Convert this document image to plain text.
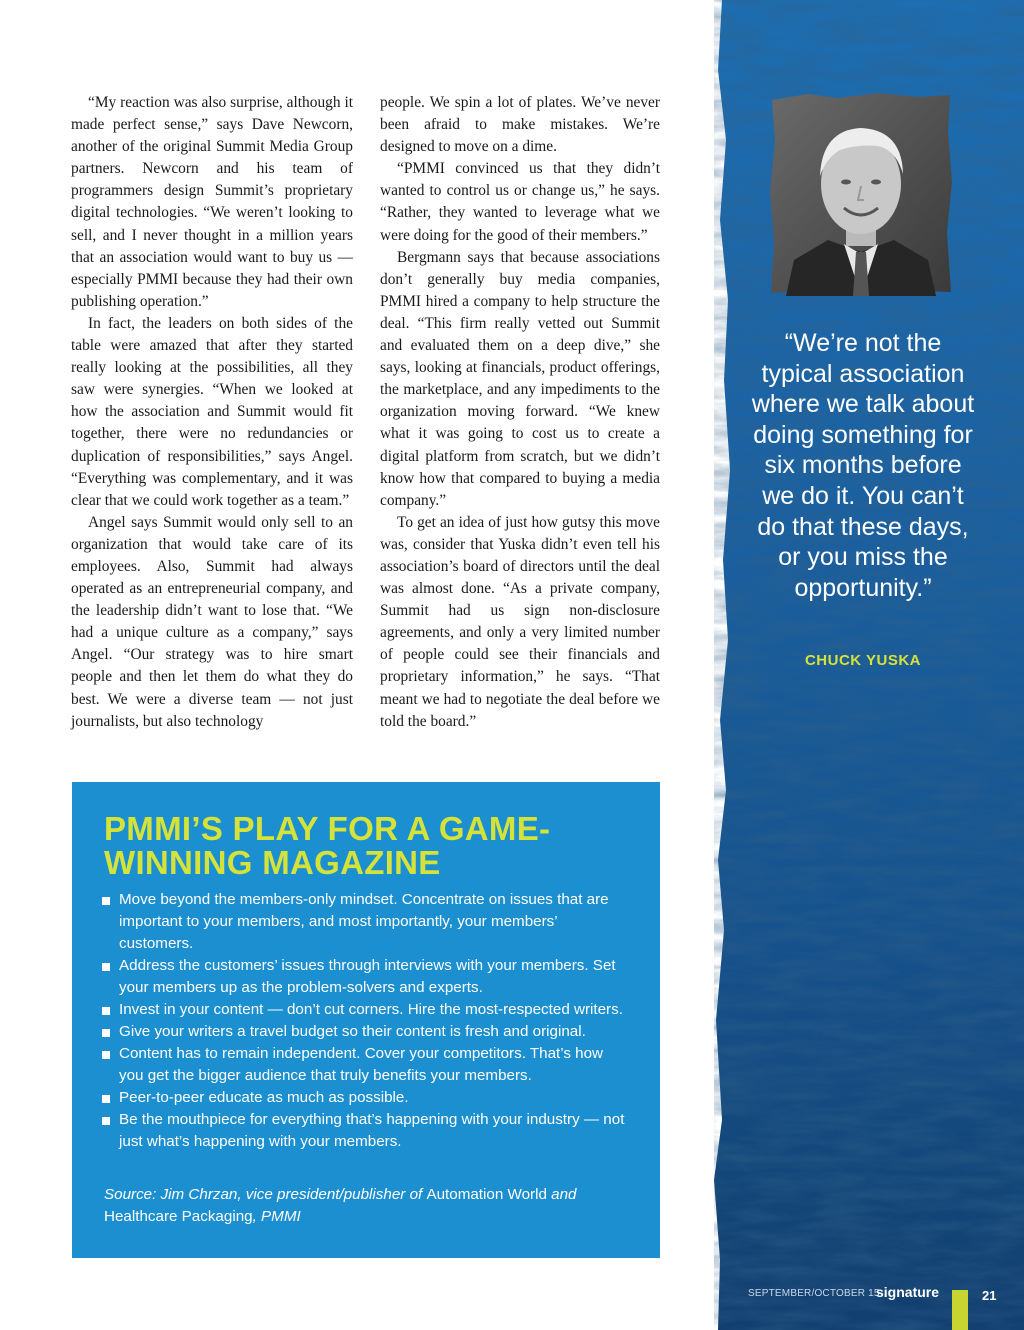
“My reaction was also surprise, although it made perfect sense,” says Dave Newcorn, another of the original Summit Media Group partners. Newcorn and his team of programmers design Summit’s proprietary digital technologies. “We weren’t looking to sell, and I never thought in a million years that an association would want to buy us — especially PMMI because they had their own publishing operation.”

In fact, the leaders on both sides of the table were amazed that after they started really looking at the possibilities, all they saw were synergies. “When we looked at how the association and Summit would fit together, there were no redundancies or duplication of responsibilities,” says Angel. “Everything was complementary, and it was clear that we could work together as a team.”

Angel says Summit would only sell to an organization that would take care of its employees. Also, Summit had always operated as an entrepreneurial company, and the leadership didn’t want to lose that. “We had a unique culture as a company,” says Angel. “Our strategy was to hire smart people and then let them do what they do best. We were a diverse team — not just journalists, but also technology

people. We spin a lot of plates. We’ve never been afraid to make mistakes. We’re designed to move on a dime.

“PMMI convinced us that they didn’t wanted to control us or change us,” he says. “Rather, they wanted to leverage what we were doing for the good of their members.”

Bergmann says that because associations don’t generally buy media companies, PMMI hired a company to help structure the deal. “This firm really vetted out Summit and evaluated them on a deep dive,” she says, looking at financials, product offerings, the marketplace, and any impediments to the organization moving forward. “We knew what it was going to cost us to create a digital platform from scratch, but we didn’t know how that compared to buying a media company.”

To get an idea of just how gutsy this move was, consider that Yuska didn’t even tell his association’s board of directors until the deal was almost done. “As a private company, Summit had us sign non-disclosure agreements, and only a very limited number of people could see their financials and proprietary information,” he says. “That meant we had to negotiate the deal before we told the board.”

“We’re not the typical association where we talk about doing something for six months before we do it. You can’t do that these days, or you miss the opportunity.”
CHUCK YUSKA
PMMI’S PLAY FOR A GAME-WINNING MAGAZINE
Move beyond the members-only mindset. Concentrate on issues that are important to your members, and most importantly, your members’ customers.
Address the customers’ issues through interviews with your members. Set your members up as the problem-solvers and experts.
Invest in your content — don’t cut corners. Hire the most-respected writers.
Give your writers a travel budget so their content is fresh and original.
Content has to remain independent. Cover your competitors. That’s how you get the bigger audience that truly benefits your members.
Peer-to-peer educate as much as possible.
Be the mouthpiece for everything that’s happening with your industry — not just what’s happening with your members.
Source: Jim Chrzan, vice president/publisher of Automation World and Healthcare Packaging, PMMI
SEPTEMBER/OCTOBER 15
signature	21
